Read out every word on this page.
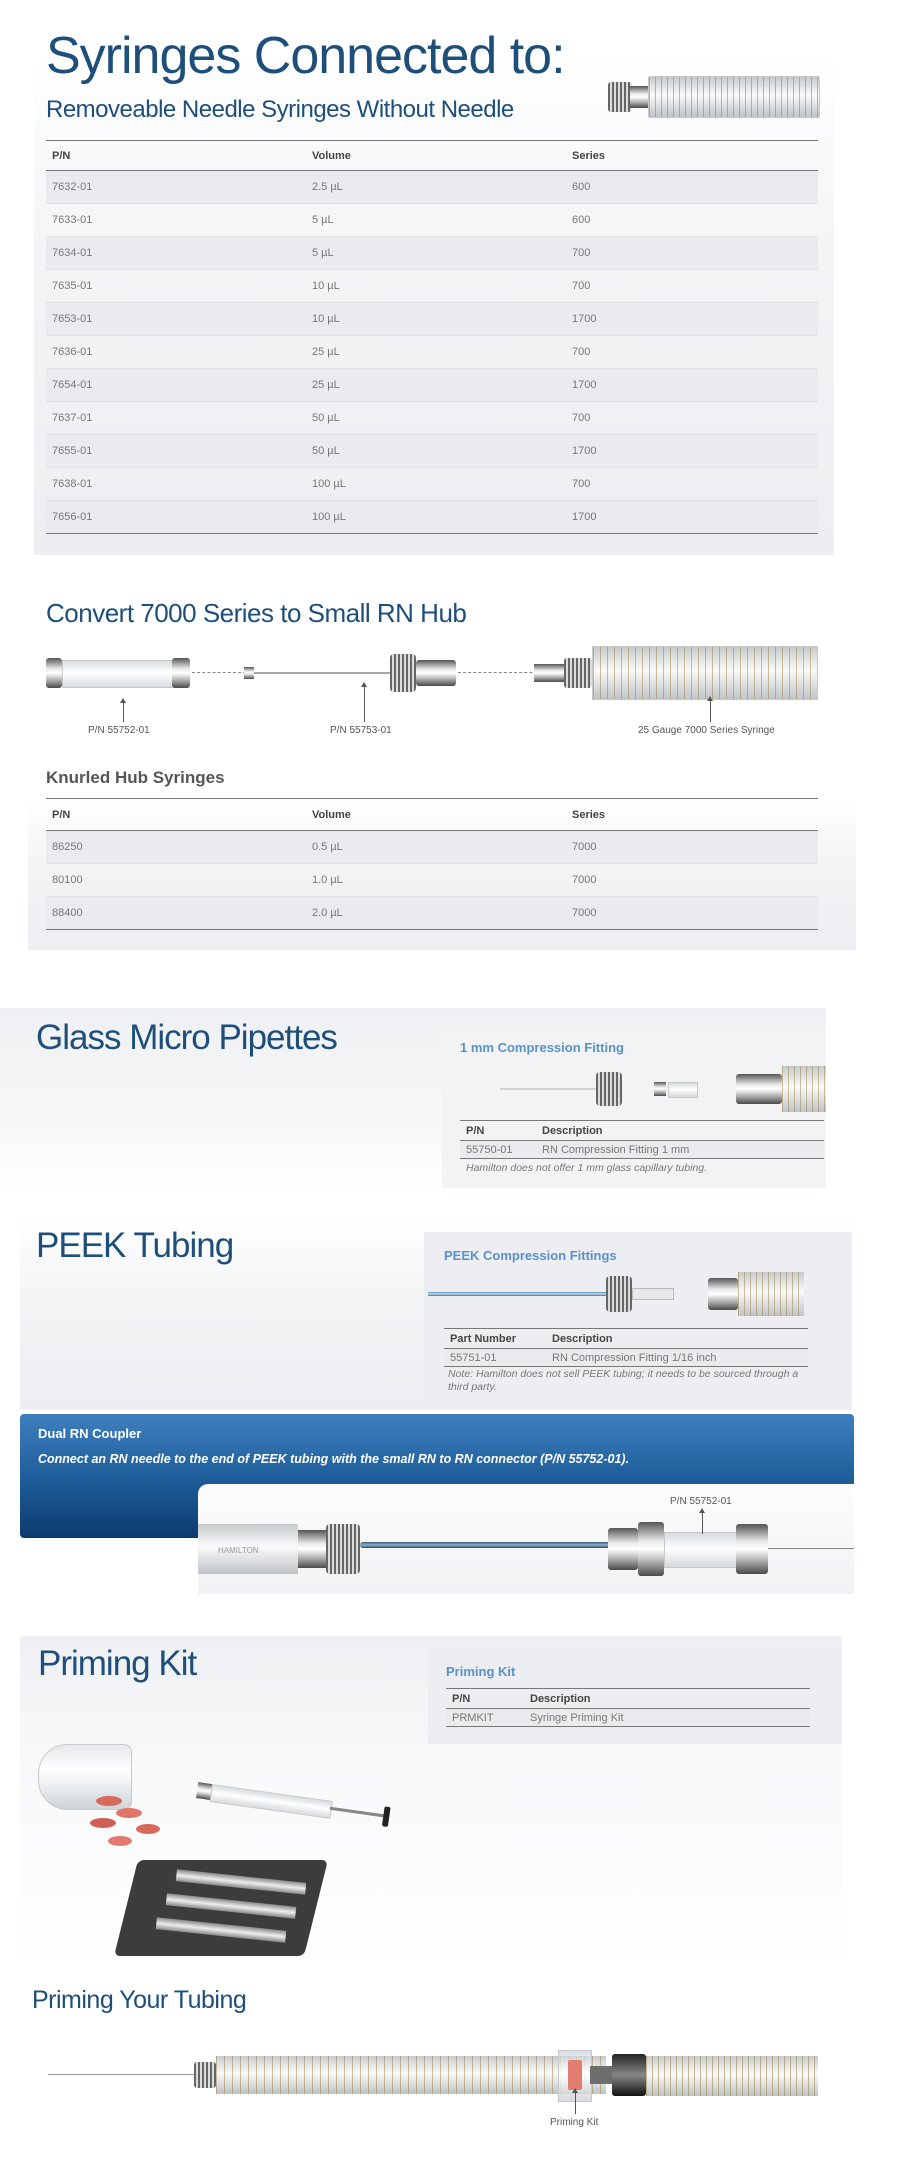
Syringes Connected to:
Removeable Needle Syringes Without Needle
P/N	Volume	Series
7632-01	2.5 µL	600
7633-01	5 µL	600
7634-01	5 µL	700
7635-01	10 µL	700
7653-01	10 µL	1700
7636-01	25 µL	700
7654-01	25 µL	1700
7637-01	50 µL	700
7655-01	50 µL	1700
7638-01	100 µL	700
7656-01	100 µL	1700
Convert 7000 Series to Small RN Hub
P/N 55752-01	P/N 55753-01	25 Gauge 7000 Series Syringe
Knurled Hub Syringes
P/N	Volume	Series
86250	0.5 µL	7000
80100	1.0 µL	7000
88400	2.0 µL	7000
Glass Micro Pipettes	1 mm Compression Fitting
P/N	Description
55750-01	RN Compression Fitting 1 mm
Hamilton does not offer 1 mm glass capillary tubing.
PEEK Tubing	PEEK Compression Fittings
Part Number	Description
55751-01	RN Compression Fitting 1/16 inch
Note: Hamilton does not sell PEEK tubing; it needs to be sourced through a third party.
Dual RN Coupler
Connect an RN needle to the end of PEEK tubing with the small RN to RN connector (P/N 55752-01).
HAMILTON
P/N 55752-01
Priming Kit	Priming Kit
P/N	Description
PRMKIT	Syringe Priming Kit
Priming Your Tubing
Priming Kit
